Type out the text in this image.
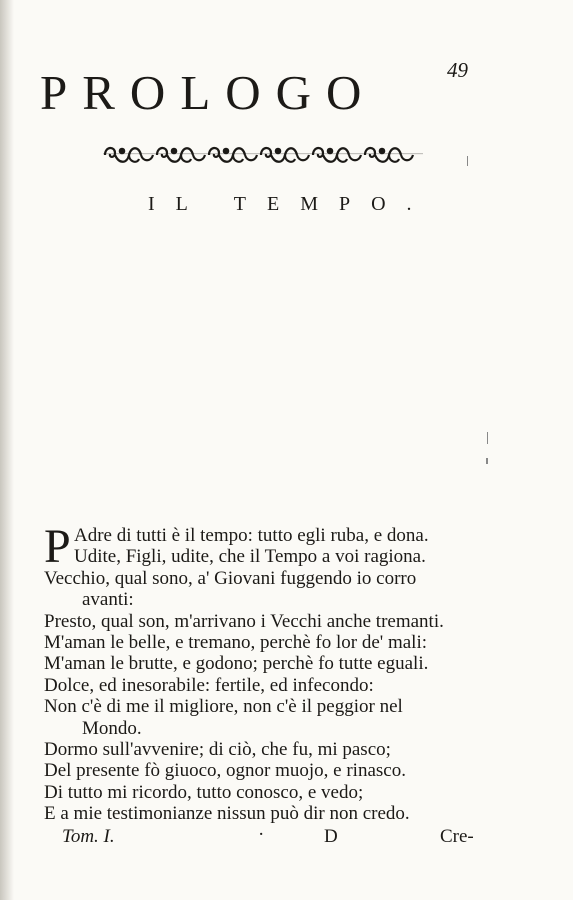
49
PROLOGO
IL TEMPO.
P Adre di tutti è il tempo: tutto egli ruba, e dona.
Udite, Figli, udite, che il Tempo a voi ragiona.
Vecchio, qual sono, a' Giovani fuggendo io corro
avanti:
Presto, qual son, m'arrivano i Vecchi anche tremanti.
M'aman le belle, e tremano, perchè fo lor de' mali:
M'aman le brutte, e godono; perchè fo tutte eguali.
Dolce, ed inesorabile: fertile, ed infecondo:
Non c'è di me il migliore, non c'è il peggior nel
Mondo.
Dormo sull'avvenire; di ciò, che fu, mi pasco;
Del presente fò giuoco, ognor muojo, e rinasco.
Di tutto mi ricordo, tutto conosco, e vedo;
E a mie testimonianze nissun può dir non credo.
Tom. I.	·	D	Cre-
